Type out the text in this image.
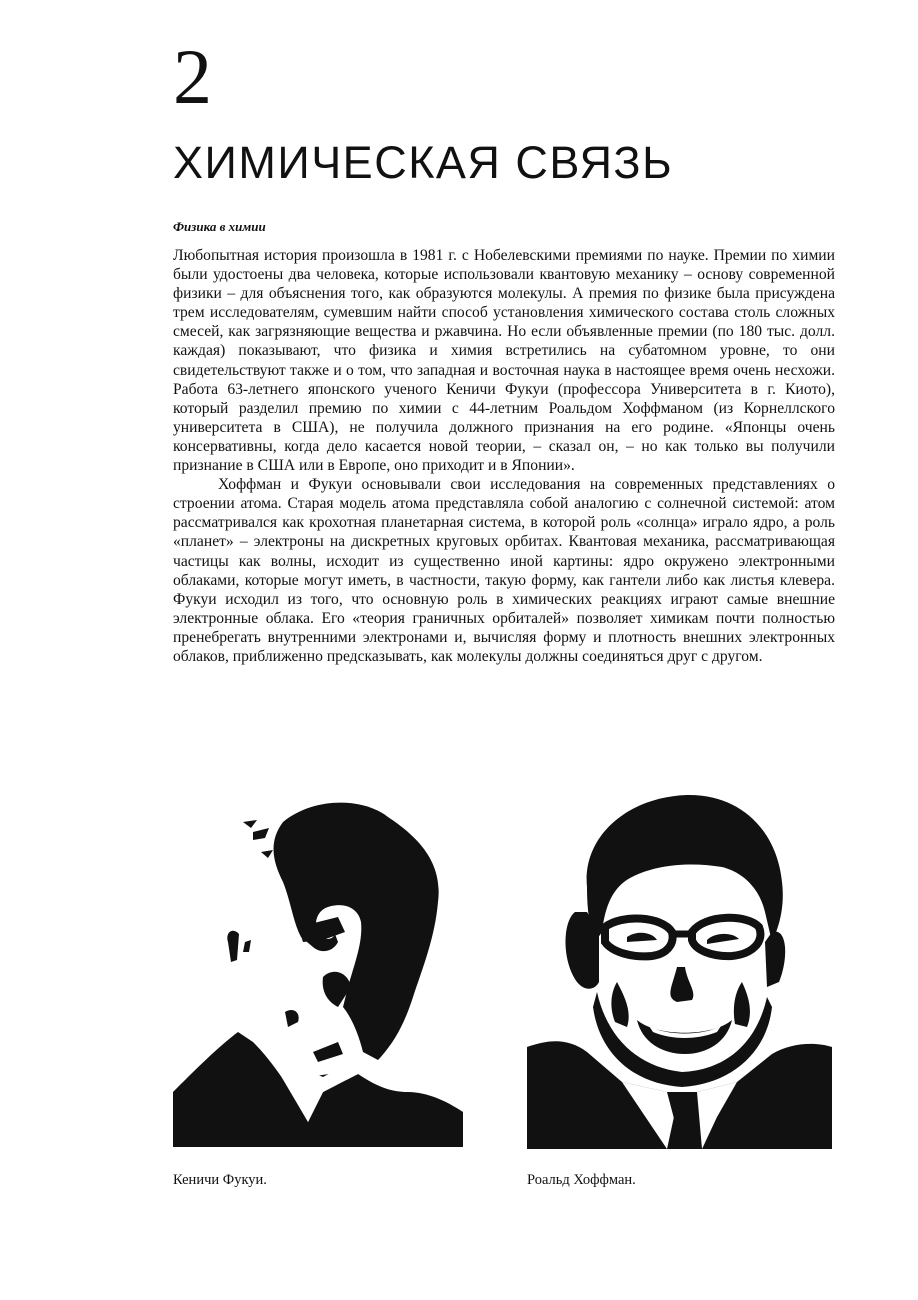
2
ХИМИЧЕСКАЯ СВЯЗЬ
Физика в химии

Любопытная история произошла в 1981 г. с Нобелевскими премиями по науке. Премии по химии были удостоены два человека, которые использовали квантовую механику – основу современной физики – для объяснения того, как образуются молекулы. А премия по физике была присуждена трем исследователям, сумевшим найти способ установления химического состава столь сложных смесей, как загрязняющие вещества и ржавчина. Но если объявленные премии (по 180 тыс. долл. каждая) показывают, что физика и химия встретились на субатомном уровне, то они свидетельствуют также и о том, что западная и восточная наука в настоящее время очень несхожи. Работа 63-летнего японского ученого Кеничи Фукуи (профессора Университета в г. Киото), который разделил премию по химии с 44-летним Роальдом Хоффманом (из Корнеллского университета в США), не получила должного признания на его родине. «Японцы очень консервативны, когда дело касается новой теории, – сказал он, – но как только вы получили признание в США или в Европе, оно приходит и в Японии».

Хоффман и Фукуи основывали свои исследования на современных представлениях о строении атома. Старая модель атома представляла собой аналогию с солнечной системой: атом рассматривался как крохотная планетарная система, в которой роль «солнца» играло ядро, а роль «планет» – электроны на дискретных круговых орбитах. Квантовая механика, рассматривающая частицы как волны, исходит из существенно иной картины: ядро окружено электронными облаками, которые могут иметь, в частности, такую форму, как гантели либо как листья клевера. Фукуи исходил из того, что основную роль в химических реакциях играют самые внешние электронные облака. Его «теория граничных орбиталей» позволяет химикам почти полностью пренебрегать внутренними электронами и, вычисляя форму и плотность внешних электронных облаков, приближенно предсказывать, как молекулы должны соединяться друг с другом.

Кеничи Фукуи.	Роальд Хоффман.
